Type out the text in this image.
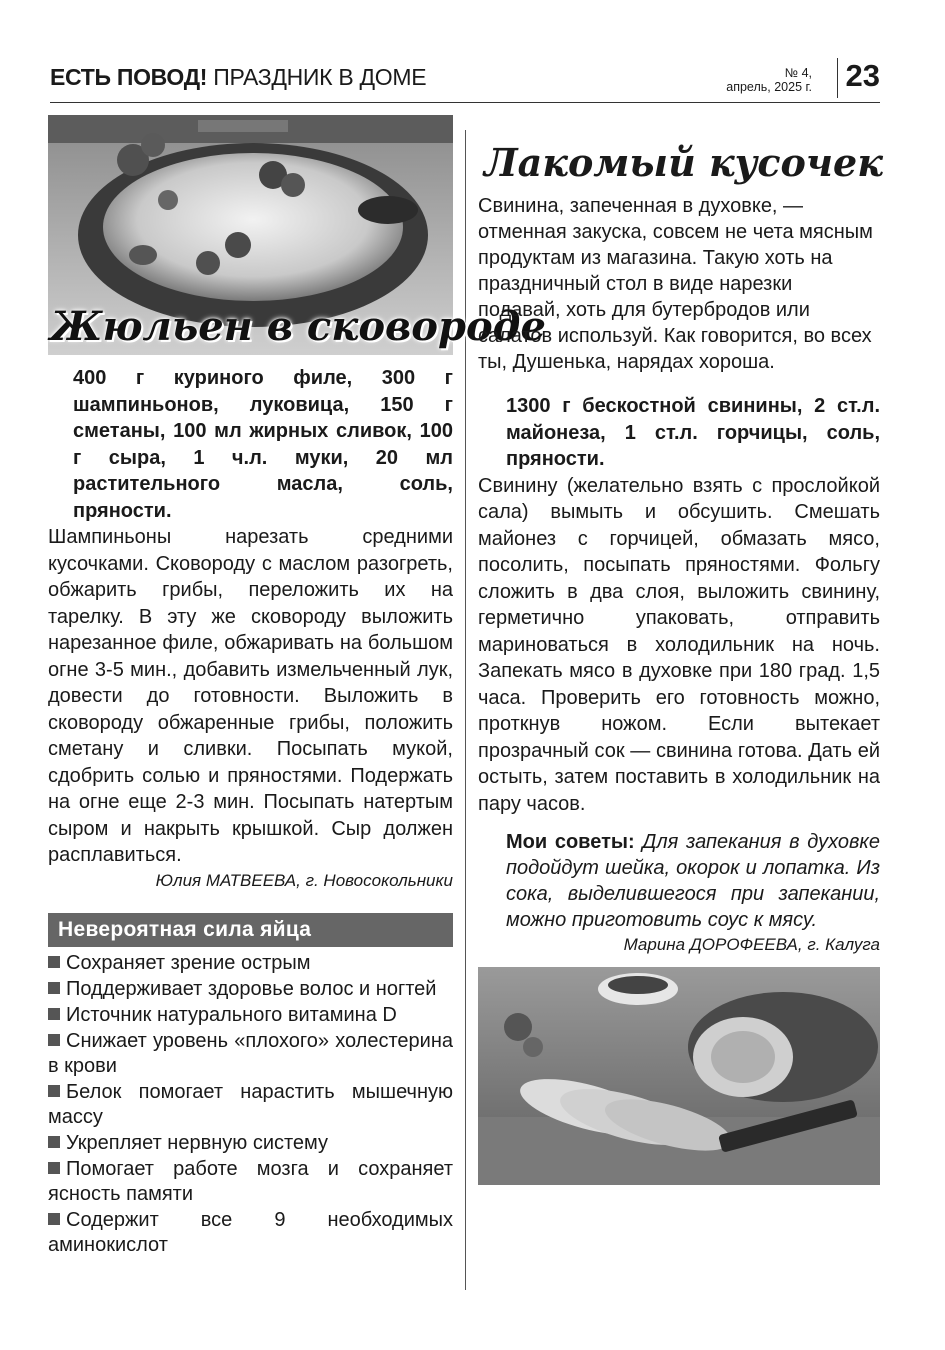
ЕСТЬ ПОВОД! ПРАЗДНИК В ДОМЕ	№ 4,
апрель, 2025 г. 23
Жюльен в сковороде

400 г куриного филе, 300 г шампиньонов, луковица, 150 г сметаны, 100 мл жирных сливок, 100 г сыра, 1 ч.л. муки, 20 мл растительного масла, соль, пряности.

Шампиньоны нарезать средними кусочками. Сковороду с маслом разогреть, обжарить грибы, переложить их на тарелку. В эту же сковороду выложить нарезанное филе, обжаривать на большом огне 3-5 мин., добавить измельченный лук, довести до готовности. Выложить в сковороду обжаренные грибы, положить сметану и сливки. Посыпать мукой, сдобрить солью и пряностями. Подержать на огне еще 2-3 мин. Посыпать натертым сыром и накрыть крышкой. Сыр должен расплавиться.

Юлия МАТВЕЕВА, г. Новосокольники

Невероятная сила яйца
Сохраняет зрение острым
Поддерживает здоровье волос и ногтей
Источник натурального витамина D
Снижает уровень «плохого» холестерина в крови
Белок помогает нарастить мышечную массу
Укрепляет нервную систему
Помогает работе мозга и сохраняет ясность памяти
Содержит все 9 необходимых аминокислот
Лакомый кусочек

Свинина, запеченная в духовке, — отменная закуска, совсем не чета мясным продуктам из магазина. Такую хоть на праздничный стол в виде нарезки подавай, хоть для бутербродов или салатов используй. Как говорится, во всех ты, Душенька, нарядах хороша.

1300 г бескостной свинины, 2 ст.л. майонеза, 1 ст.л. горчицы, соль, пряности.

Свинину (желательно взять с прослойкой сала) вымыть и обсушить. Смешать майонез с горчицей, обмазать мясо, посолить, посыпать пряностями. Фольгу сложить в два слоя, выложить свинину, герметично упаковать, отправить мариноваться в холодильник на ночь. Запекать мясо в духовке при 180 град. 1,5 часа. Проверить его готовность можно, проткнув ножом. Если вытекает прозрачный сок — свинина готова. Дать ей остыть, затем поставить в холодильник на пару часов.

Мои советы: Для запекания в духовке подойдут шейка, окорок и лопатка. Из сока, выделившегося при запекании, можно приготовить соус к мясу.

Марина ДОРОФЕЕВА, г. Калуга
